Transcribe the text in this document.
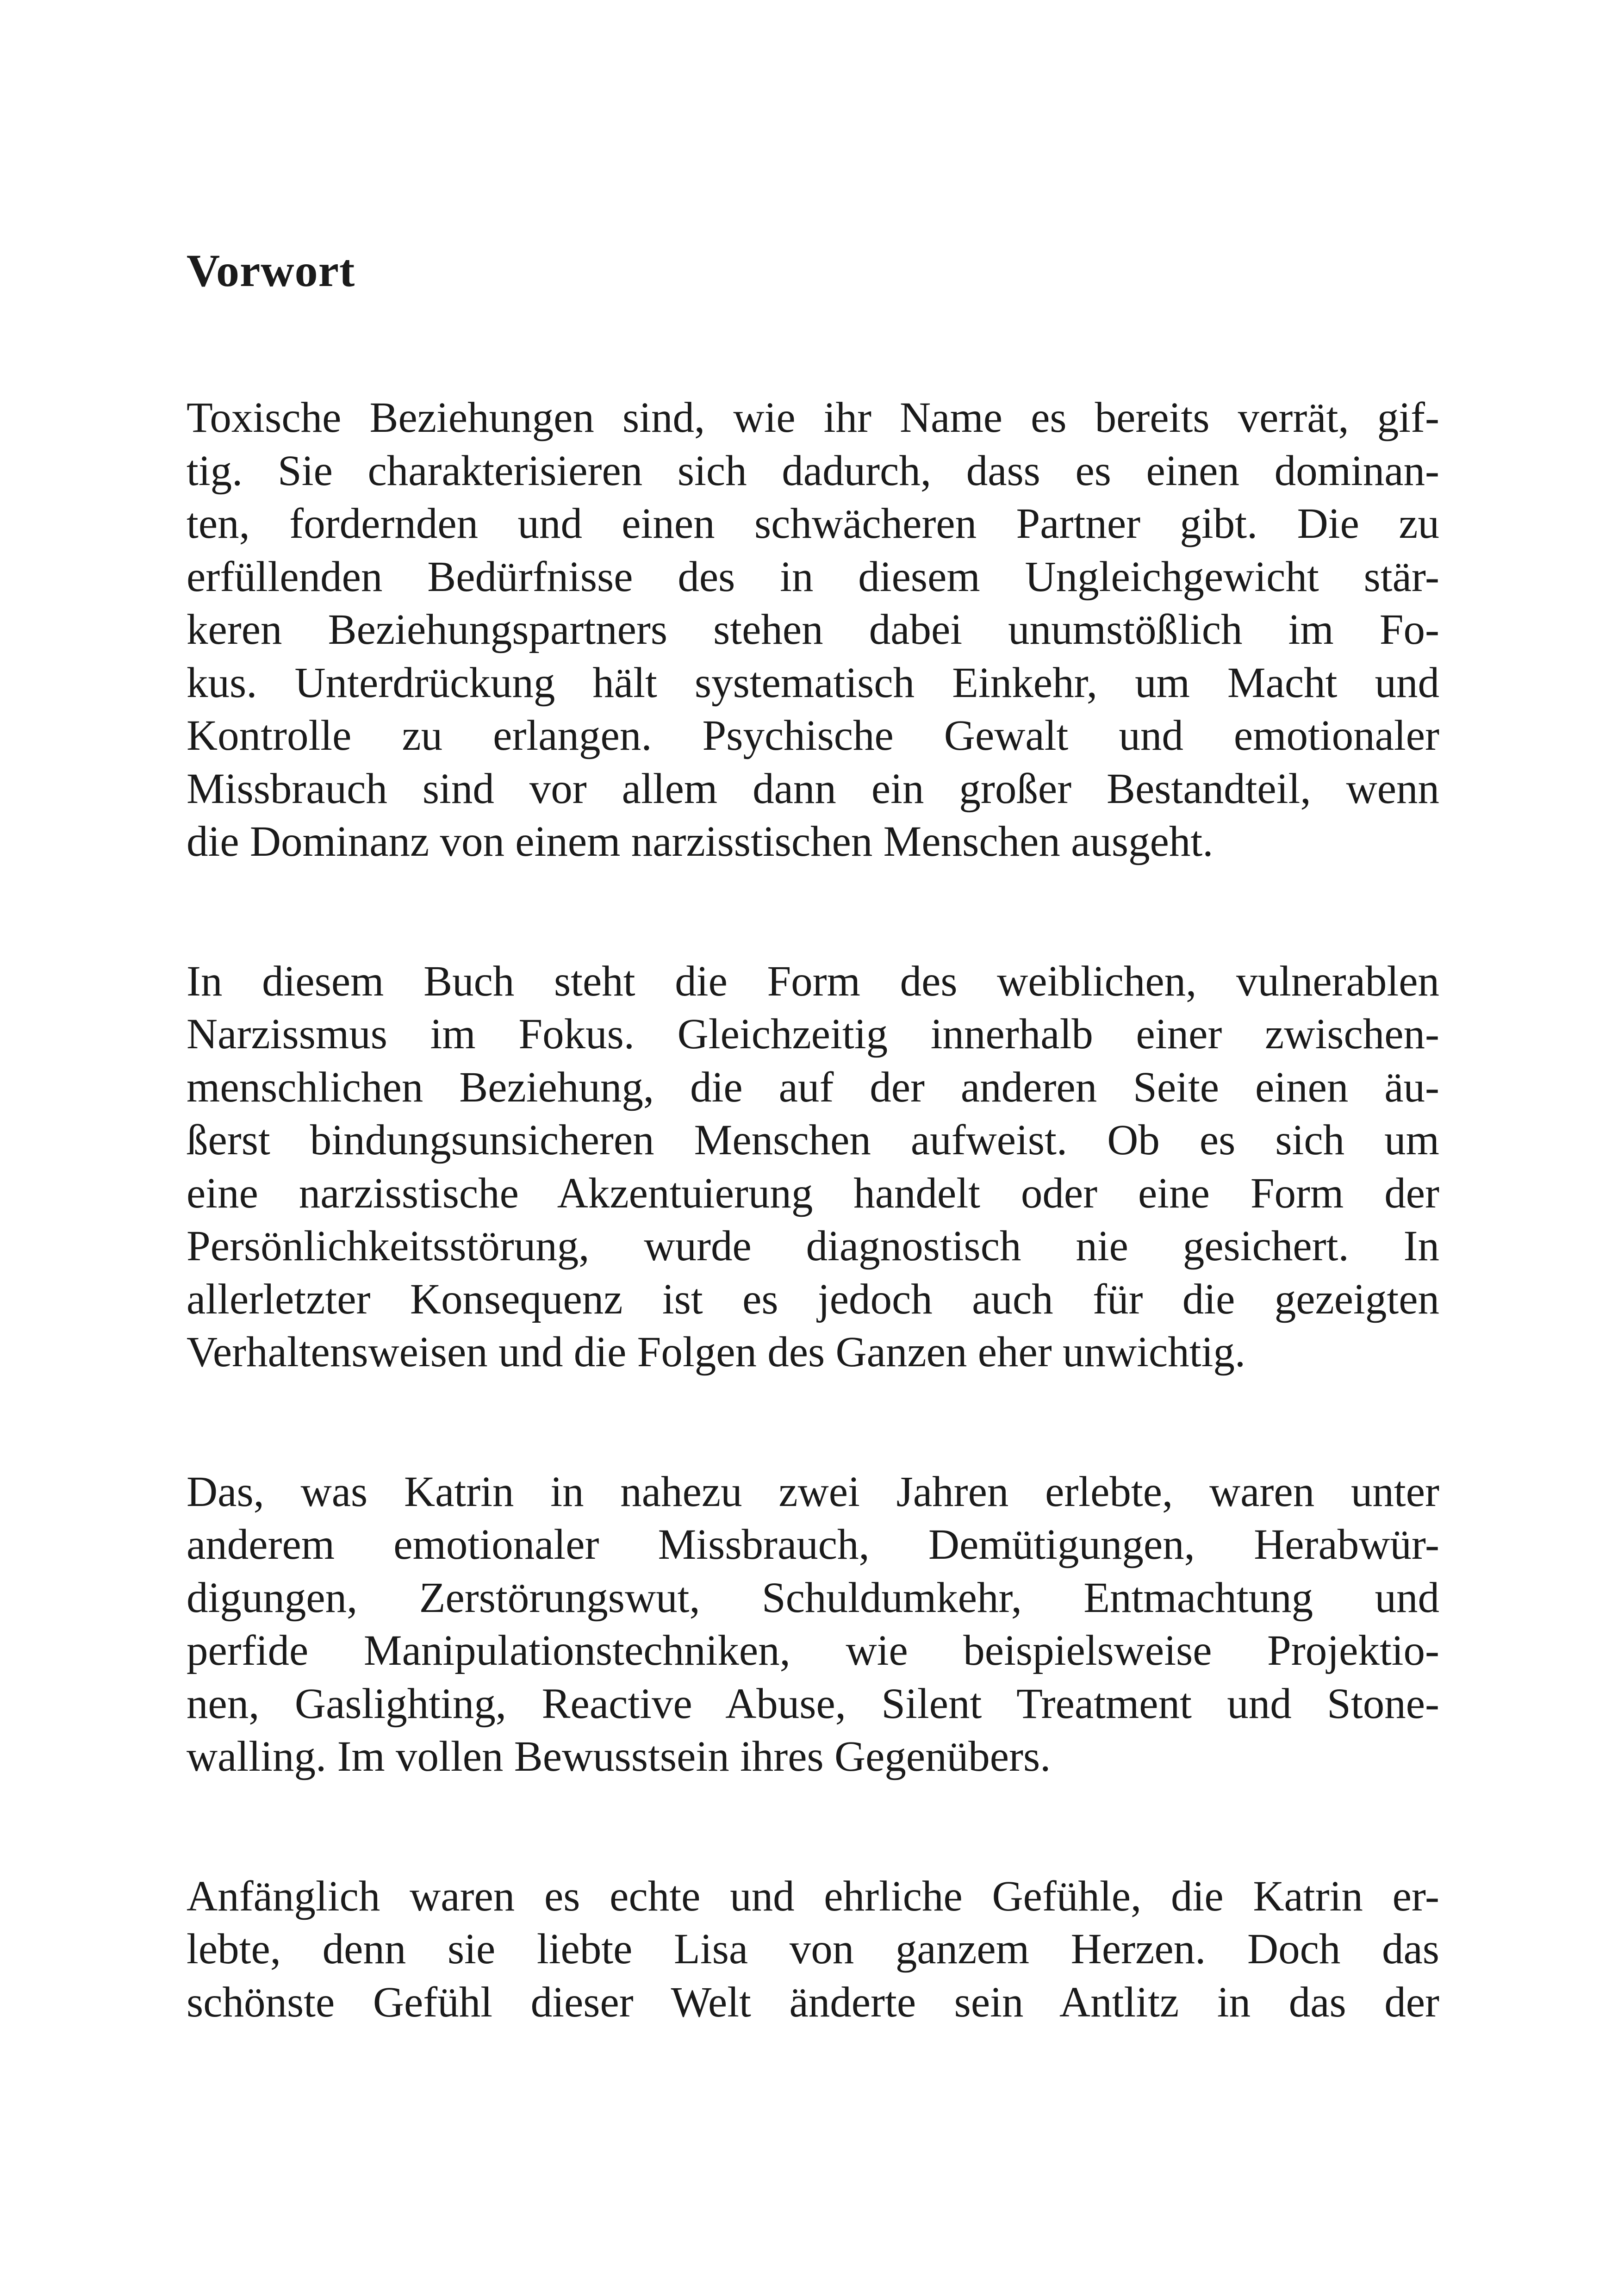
Vorwort

Toxische Beziehungen sind, wie ihr Name es bereits verrät, gif-
tig. Sie charakterisieren sich dadurch, dass es einen dominan-
ten, fordernden und einen schwächeren Partner gibt. Die zu
erfüllenden Bedürfnisse des in diesem Ungleichgewicht stär-
keren Beziehungspartners stehen dabei unumstößlich im Fo-
kus. Unterdrückung hält systematisch Einkehr, um Macht und
Kontrolle zu erlangen. Psychische Gewalt und emotionaler
Missbrauch sind vor allem dann ein großer Bestandteil, wenn
die Dominanz von einem narzisstischen Menschen ausgeht.

In diesem Buch steht die Form des weiblichen, vulnerablen
Narzissmus im Fokus. Gleichzeitig innerhalb einer zwischen-
menschlichen Beziehung, die auf der anderen Seite einen äu-
ßerst bindungsunsicheren Menschen aufweist. Ob es sich um
eine narzisstische Akzentuierung handelt oder eine Form der
Persönlichkeitsstörung, wurde diagnostisch nie gesichert. In
allerletzter Konsequenz ist es jedoch auch für die gezeigten
Verhaltensweisen und die Folgen des Ganzen eher unwichtig.

Das, was Katrin in nahezu zwei Jahren erlebte, waren unter
anderem emotionaler Missbrauch, Demütigungen, Herabwür-
digungen, Zerstörungswut, Schuldumkehr, Entmachtung und
perfide Manipulationstechniken, wie beispielsweise Projektio-
nen, Gaslighting, Reactive Abuse, Silent Treatment und Stone-
walling. Im vollen Bewusstsein ihres Gegenübers.

Anfänglich waren es echte und ehrliche Gefühle, die Katrin er-
lebte, denn sie liebte Lisa von ganzem Herzen. Doch das
schönste Gefühl dieser Welt änderte sein Antlitz in das der
